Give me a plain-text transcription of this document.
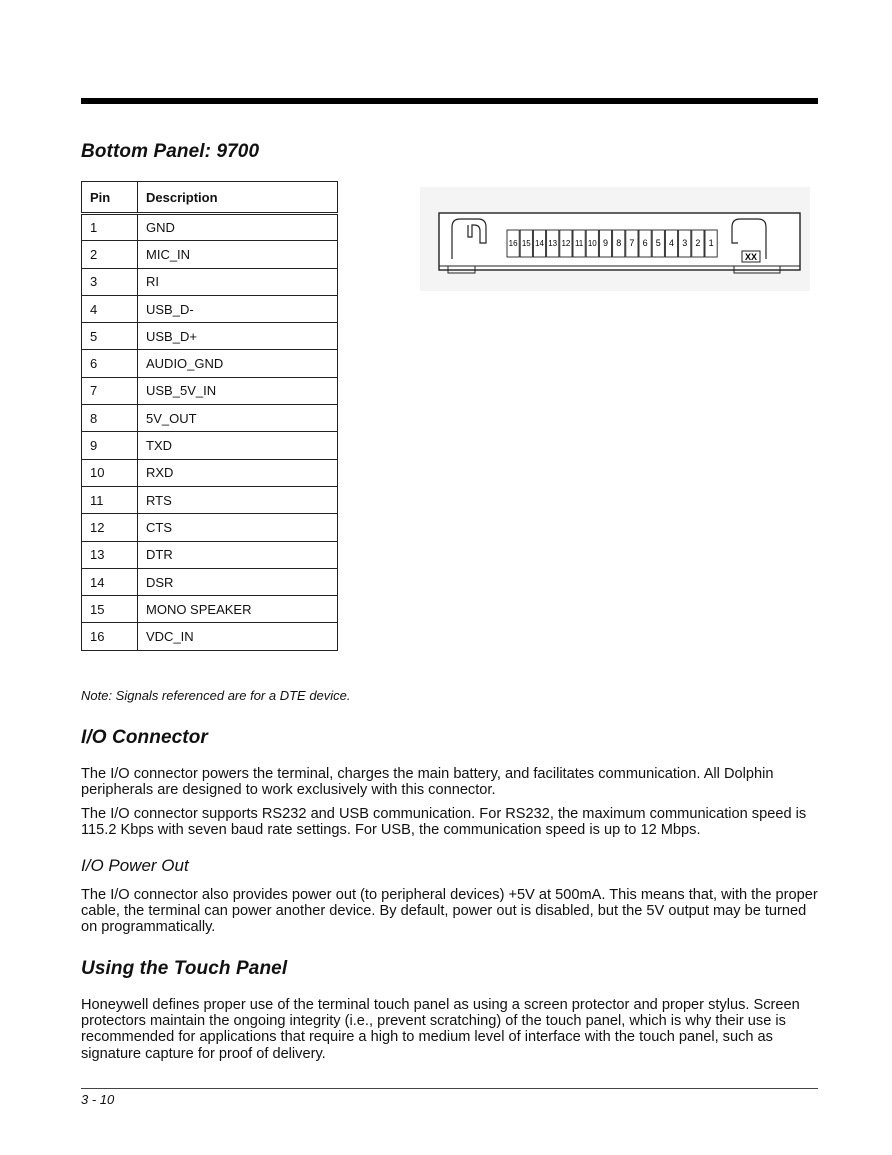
Bottom Panel: 9700
Pin	Description
1	GND
2	MIC_IN
3	RI
4	USB_D-
5	USB_D+
6	AUDIO_GND
7	USB_5V_IN
8	5V_OUT
9	TXD
10	RXD
11	RTS
12	CTS
13	DTR
14	DSR
15	MONO SPEAKER
16	VDC_IN
16 15 14 13 12 11 10 9 8 7 6 5 4 3 2 1
XX

Note: Signals referenced are for a DTE device.

I/O Connector

The I/O connector powers the terminal, charges the main battery, and facilitates communication. All Dolphin peripherals are designed to work exclusively with this connector.

The I/O connector supports RS232 and USB communication. For RS232, the maximum communication speed is 115.2 Kbps with seven baud rate settings. For USB, the communication speed is up to 12 Mbps.

I/O Power Out

The I/O connector also provides power out (to peripheral devices) +5V at 500mA. This means that, with the proper cable, the terminal can power another device. By default, power out is disabled, but the 5V output may be turned on programmatically.

Using the Touch Panel

Honeywell defines proper use of the terminal touch panel as using a screen protector and proper stylus. Screen protectors maintain the ongoing integrity (i.e., prevent scratching) of the touch panel, which is why their use is recommended for applications that require a high to medium level of interface with the touch panel, such as signature capture for proof of delivery.

3 - 10
